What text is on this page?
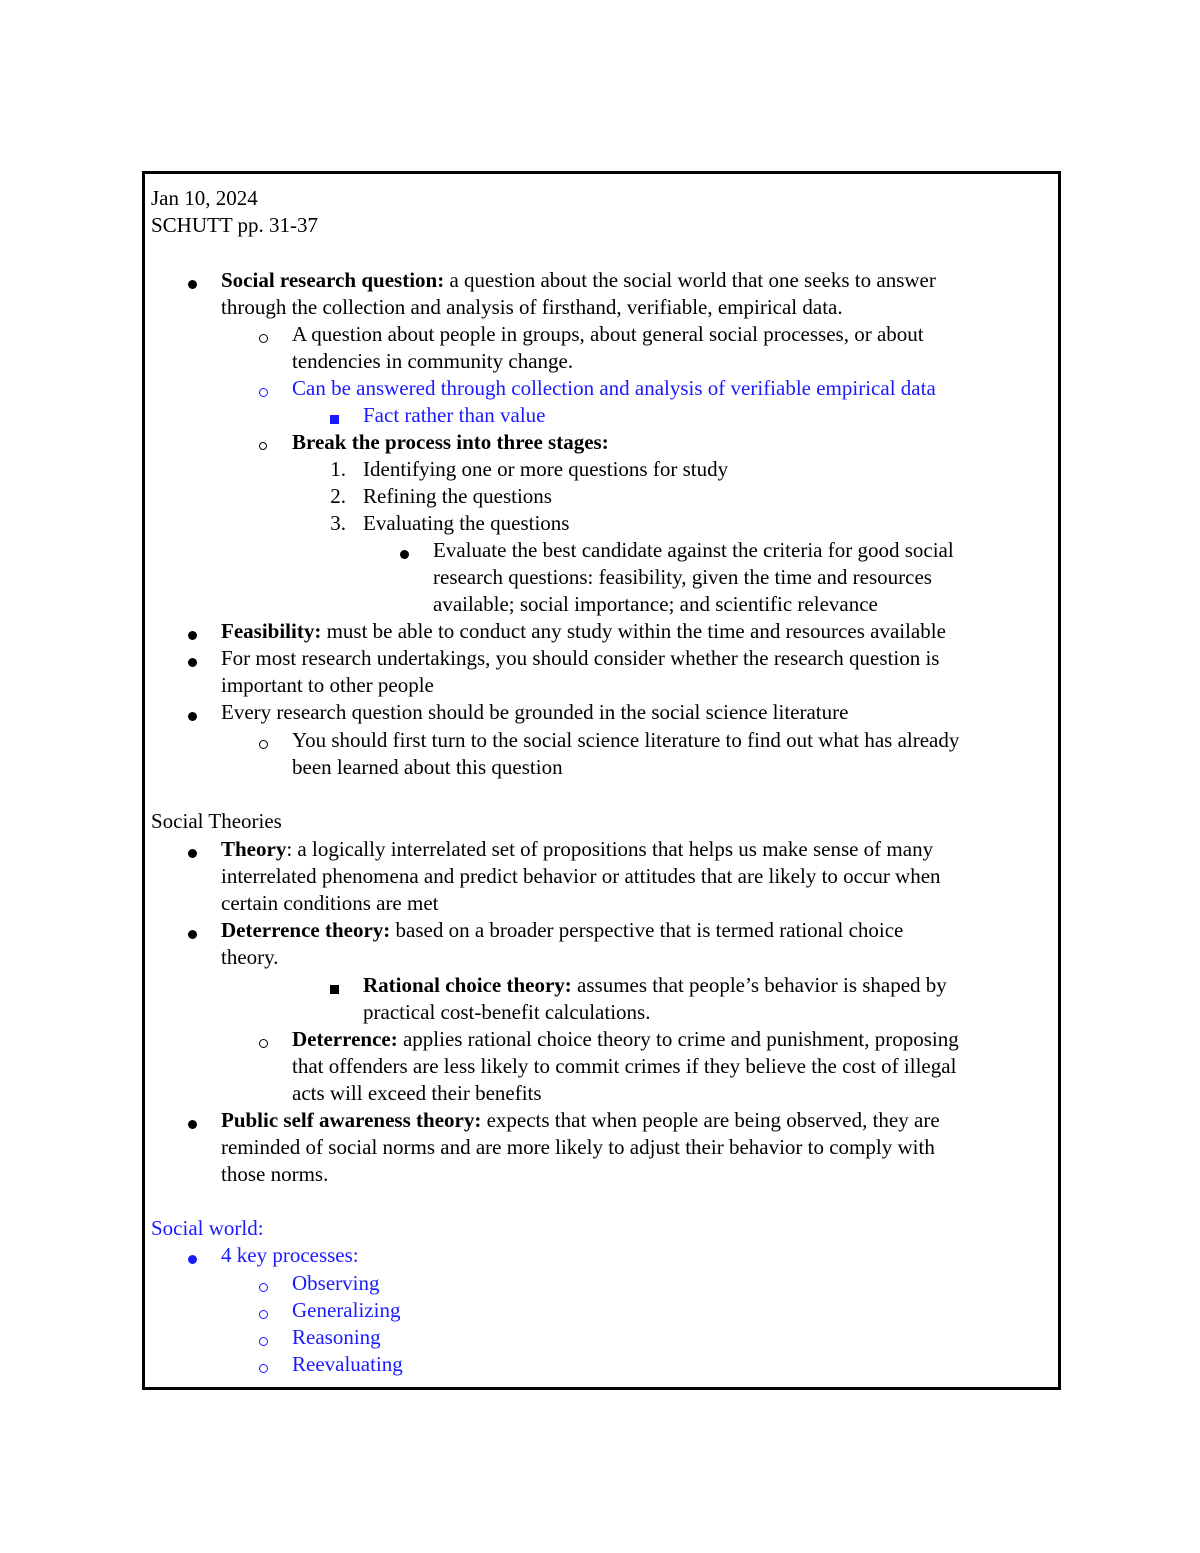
Jan 10, 2024
SCHUTT pp. 31-37
Social research question: a question about the social world that one seeks to answer
through the collection and analysis of firsthand, verifiable, empirical data.
A question about people in groups, about general social processes, or about
tendencies in community change.
Can be answered through collection and analysis of verifiable empirical data
Fact rather than value
Break the process into three stages:
1. Identifying one or more questions for study
2. Refining the questions
3. Evaluating the questions
Evaluate the best candidate against the criteria for good social
research questions: feasibility, given the time and resources
available; social importance; and scientific relevance
Feasibility: must be able to conduct any study within the time and resources available
For most research undertakings, you should consider whether the research question is
important to other people
Every research question should be grounded in the social science literature
You should first turn to the social science literature to find out what has already
been learned about this question
Social Theories
Theory: a logically interrelated set of propositions that helps us make sense of many
interrelated phenomena and predict behavior or attitudes that are likely to occur when
certain conditions are met
Deterrence theory: based on a broader perspective that is termed rational choice
theory.
Rational choice theory: assumes that people’s behavior is shaped by
practical cost-benefit calculations.
Deterrence: applies rational choice theory to crime and punishment, proposing
that offenders are less likely to commit crimes if they believe the cost of illegal
acts will exceed their benefits
Public self awareness theory: expects that when people are being observed, they are
reminded of social norms and are more likely to adjust their behavior to comply with
those norms.
Social world:
4 key processes:
Observing
Generalizing
Reasoning
Reevaluating
